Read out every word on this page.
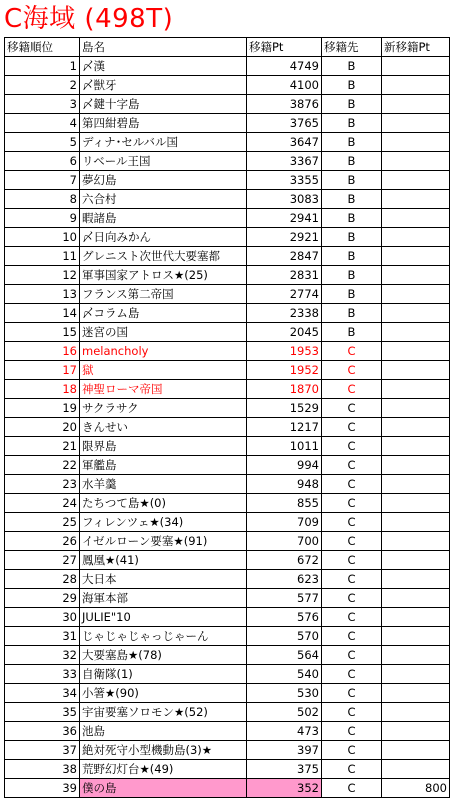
C海域 (498T)
移籍順位	島名	移籍Pt	移籍先	新移籍Pt
1	〆漢	4749	B	
2	〆獣牙	4100	B	
3	〆鍵十字島	3876	B	
4	第四紺碧島	3765	B	
5	ディナ･セルバル国	3647	B	
6	リベール王国	3367	B	
7	夢幻島	3355	B	
8	六合村	3083	B	
9	暇諸島	2941	B	
10	〆日向みかん	2921	B	
11	グレニスト次世代大要塞都	2847	B	
12	軍事国家アトロス★(25)	2831	B	
13	フランス第二帝国	2774	B	
14	〆コラム島	2338	B	
15	迷宮の国	2045	B	
16	melancholy	1953	C	
17	獄	1952	C	
18	神聖ローマ帝国	1870	C	
19	サクラサク	1529	C	
20	きんせい	1217	C	
21	限界島	1011	C	
22	軍艦島	994	C	
23	水羊羹	948	C	
24	たちつて島★(0)	855	C	
25	フィレンツェ★(34)	709	C	
26	イゼルローン要塞★(91)	700	C	
27	鳳凰★(41)	672	C	
28	大日本	623	C	
29	海軍本部	577	C	
30	JULIE"10	576	C	
31	じゃじゃじゃっじゃーん	570	C	
32	大要塞島★(78)	564	C	
33	自衛隊(1)	540	C	
34	小箸★(90)	530	C	
35	宇宙要塞ソロモン★(52)	502	C	
36	池島	473	C	
37	絶対死守小型機動島(3)★	397	C	
38	荒野幻灯台★(49)	375	C	
39	僕の島	352	C	800
